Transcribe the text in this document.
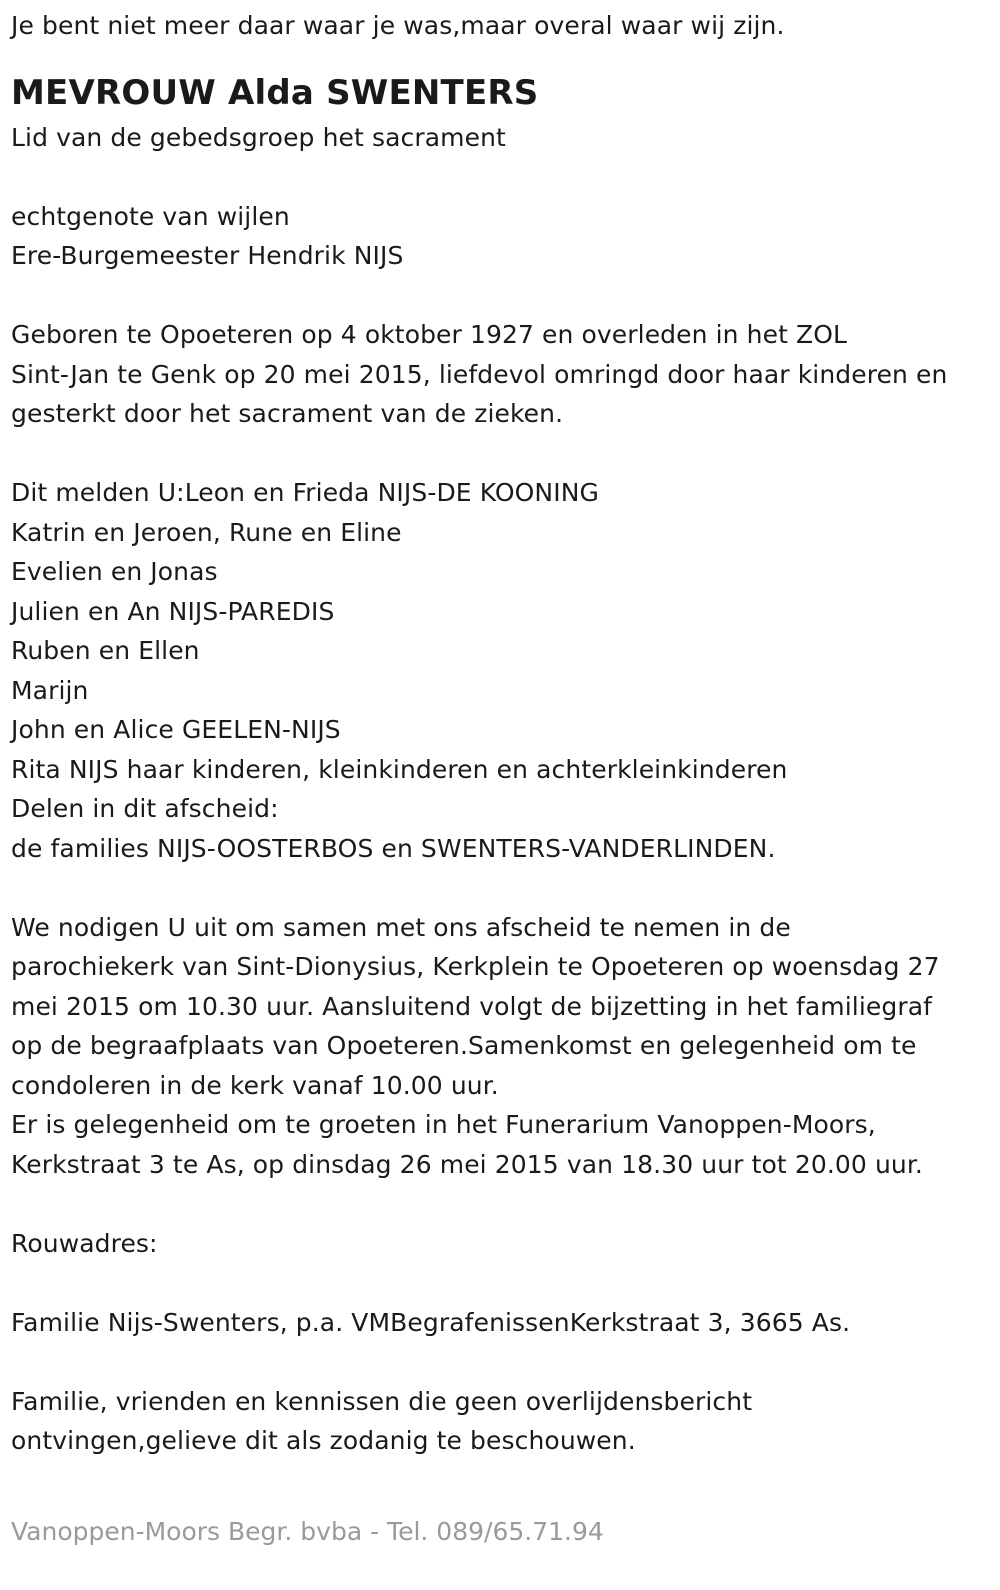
Je bent niet meer daar waar je was,maar overal waar wij zijn.
MEVROUW Alda SWENTERS
Lid van de gebedsgroep het sacrament
echtgenote van wijlen
Ere-Burgemeester Hendrik NIJS
Geboren te Opoeteren op 4 oktober 1927 en overleden in het ZOL
Sint-Jan te Genk op 20 mei 2015, liefdevol omringd door haar kinderen en
gesterkt door het sacrament van de zieken.
Dit melden U:Leon en Frieda NIJS-DE KOONING
Katrin en Jeroen, Rune en Eline
Evelien en Jonas
Julien en An NIJS-PAREDIS
Ruben en Ellen
Marijn
John en Alice GEELEN-NIJS
Rita NIJS haar kinderen, kleinkinderen en achterkleinkinderen
Delen in dit afscheid:
de families NIJS-OOSTERBOS en SWENTERS-VANDERLINDEN.
We nodigen U uit om samen met ons afscheid te nemen in de
parochiekerk van Sint-Dionysius, Kerkplein te Opoeteren op woensdag 27
mei 2015 om 10.30 uur. Aansluitend volgt de bijzetting in het familiegraf
op de begraafplaats van Opoeteren.Samenkomst en gelegenheid om te
condoleren in de kerk vanaf 10.00 uur.
Er is gelegenheid om te groeten in het Funerarium Vanoppen-Moors,
Kerkstraat 3 te As, op dinsdag 26 mei 2015 van 18.30 uur tot 20.00 uur.
Rouwadres:
Familie Nijs-Swenters, p.a. VMBegrafenissenKerkstraat 3, 3665 As.
Familie, vrienden en kennissen die geen overlijdensbericht
ontvingen,gelieve dit als zodanig te beschouwen.
Vanoppen-Moors Begr. bvba - Tel. 089/65.71.94
